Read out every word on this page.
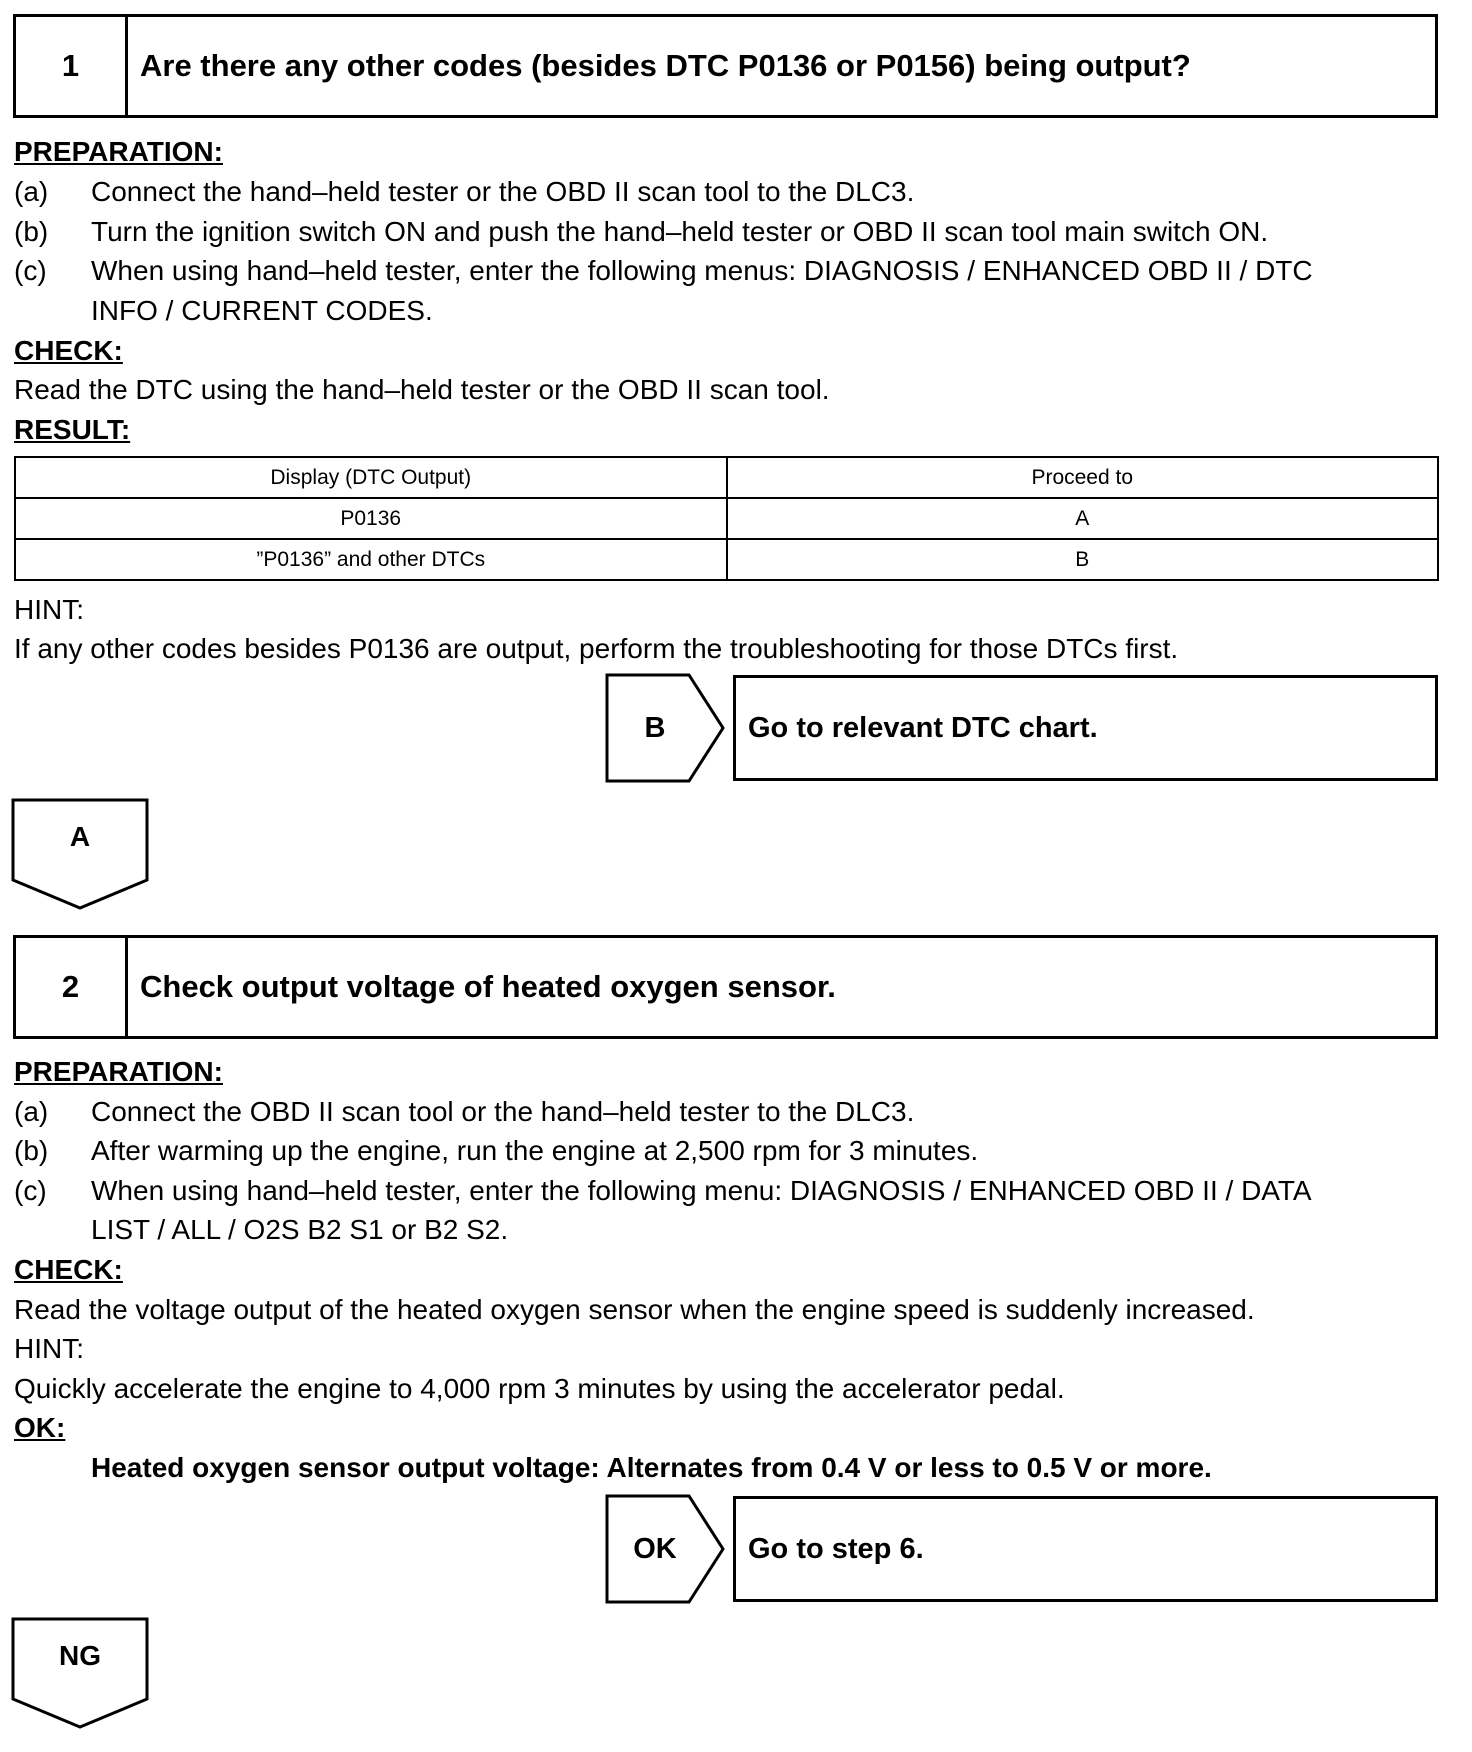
1	Are there any other codes (besides DTC P0136 or P0156) being output?
PREPARATION:
(a) Connect the hand–held tester or the OBD II scan tool to the DLC3.
(b) Turn the ignition switch ON and push the hand–held tester or OBD II scan tool main switch ON.
(c) When using hand–held tester, enter the following menus: DIAGNOSIS / ENHANCED OBD II / DTC
INFO / CURRENT CODES.
CHECK:
Read the DTC using the hand–held tester or the OBD II scan tool.
RESULT:
Display (DTC Output)	Proceed to
P0136	A
”P0136” and other DTCs	B
HINT:
If any other codes besides P0136 are output, perform the troubleshooting for those DTCs first.
B	Go to relevant DTC chart.
A
2	Check output voltage of heated oxygen sensor.
PREPARATION:
(a) Connect the OBD II scan tool or the hand–held tester to the DLC3.
(b) After warming up the engine, run the engine at 2,500 rpm for 3 minutes.
(c) When using hand–held tester, enter the following menu: DIAGNOSIS / ENHANCED OBD II / DATA
LIST / ALL / O2S B2 S1 or B2 S2.
CHECK:
Read the voltage output of the heated oxygen sensor when the engine speed is suddenly increased.
HINT:
Quickly accelerate the engine to 4,000 rpm 3 minutes by using the accelerator pedal.
OK:
Heated oxygen sensor output voltage: Alternates from 0.4 V or less to 0.5 V or more.
OK	Go to step 6.
NG
